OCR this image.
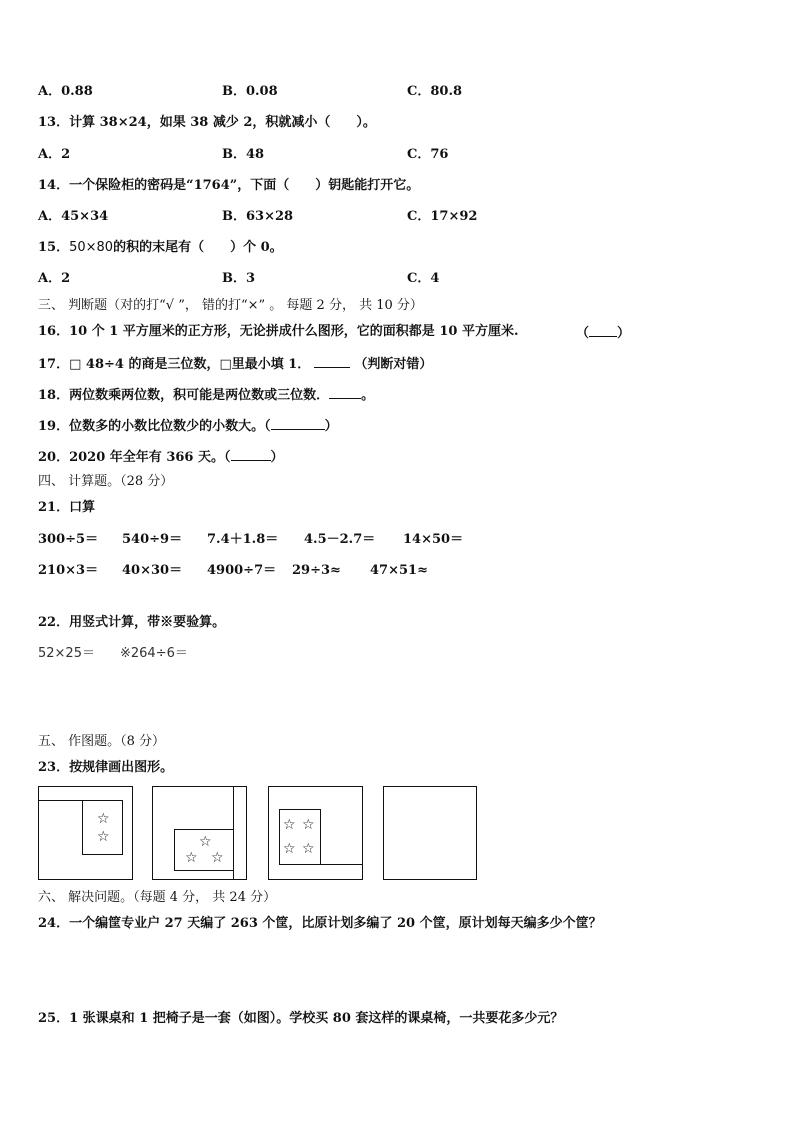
A．0.88	B．0.08	C．80.8
13．计算 38×24，如果 38 减少 2，积就减小（　　）。
A．2	B．48	C．76
14．一个保险柜的密码是“1764”，下面（　　）钥匙能打开它。
A．45×34	B．63×28	C．17×92
15．50×80的积的末尾有（　　）个 0。
A．2	B．3	C．4
三、 判断题（对的打“√ ”， 错的打“×” 。 每题 2 分， 共 10 分）
16．10 个 1 平方厘米的正方形，无论拼成什么图形，它的面积都是 10 平方厘米.	（ ）
17．□ 48÷4 的商是三位数，□里最小填 1．	（判断对错）
18．两位数乘两位数，积可能是两位数或三位数． 。
19．位数多的小数比位数少的小数大。（	）
20．2020 年全年有 366 天。（	）
四、 计算题。（28 分）
21．口算
300÷5＝ 540÷9＝ 7.4＋1.8＝ 4.5－2.7＝ 14×50＝
210×3＝ 40×30＝ 4900÷7＝ 29÷3≈ 47×51≈
22．用竖式计算，带※要验算。
52×25＝ ※264÷6＝
五、 作图题。（8 分）
23．按规律画出图形。
☆
☆	☆
☆ ☆
☆ ☆
☆ ☆
六、 解决问题。（每题 4 分， 共 24 分）
24．一个编筐专业户 27 天编了 263 个筐，比原计划多编了 20 个筐，原计划每天编多少个筐？
25．1 张课桌和 1 把椅子是一套（如图）。学校买 80 套这样的课桌椅，一共要花多少元？
